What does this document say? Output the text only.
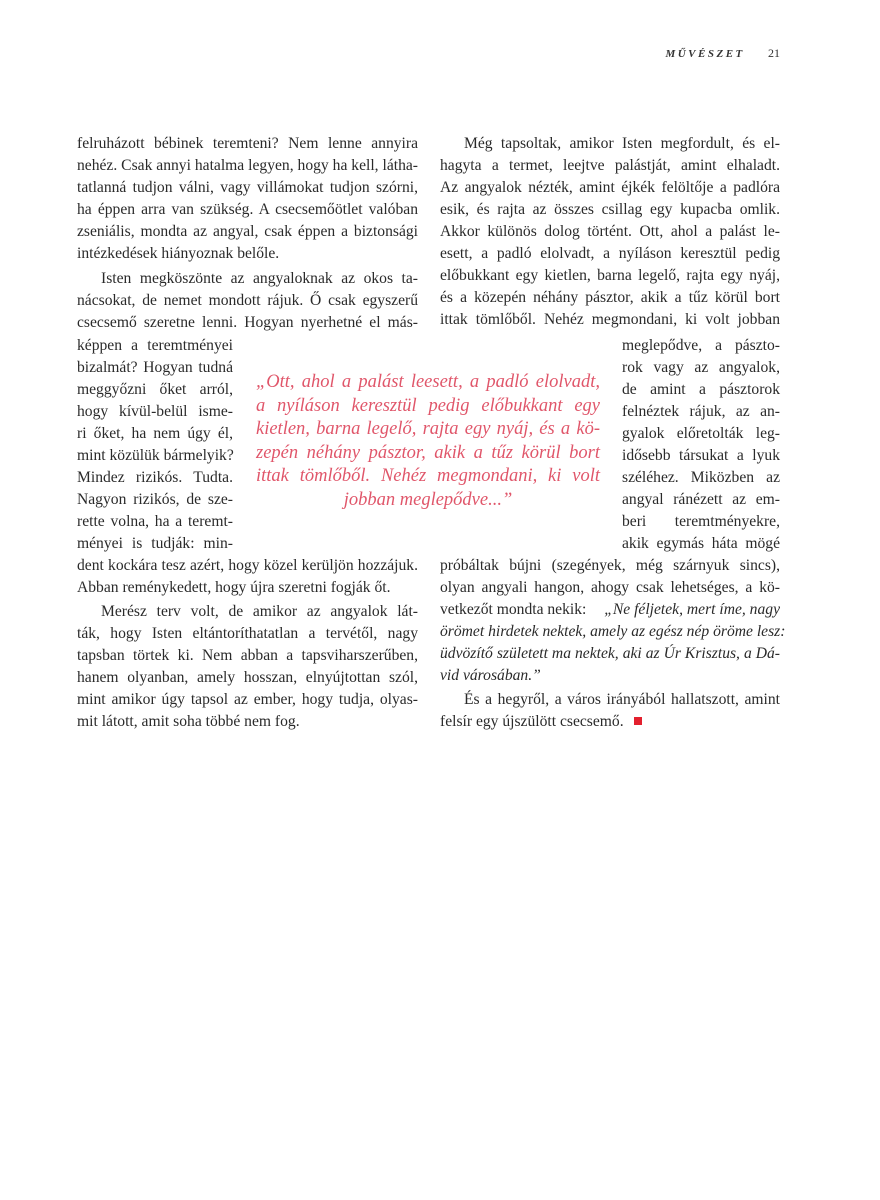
MŰVÉSZET 21
felruházott bébinek teremteni? Nem lenne annyira
nehéz. Csak annyi hatalma legyen, hogy ha kell, látha-
tatlanná tudjon válni, vagy villámokat tudjon szórni,
ha éppen arra van szükség. A csecsemőötlet valóban
zseniális, mondta az angyal, csak éppen a biztonsági
intézkedések hiányoznak belőle.
Isten megköszönte az angyaloknak az okos ta-
nácsokat, de nemet mondott rájuk. Ő csak egyszerű
csecsemő szeretne lenni. Hogyan nyerhetné el más-
képpen a teremtményei
bizalmát? Hogyan tudná
meggyőzni őket arról,
hogy kívül-belül isme-
ri őket, ha nem úgy él,
mint közülük bármelyik?
Mindez rizikós. Tudta.
Nagyon rizikós, de sze-
rette volna, ha a teremt-
ményei is tudják: min-
dent kockára tesz azért, hogy közel kerüljön hozzájuk.
Abban reménykedett, hogy újra szeretni fogják őt.
Merész terv volt, de amikor az angyalok lát-
ták, hogy Isten eltántoríthatatlan a tervétől, nagy
tapsban törtek ki. Nem abban a tapsviharszerűben,
hanem olyanban, amely hosszan, elnyújtottan szól,
mint amikor úgy tapsol az ember, hogy tudja, olyas-
mit látott, amit soha többé nem fog.
„Ott, ahol a palást leesett, a padló elolvadt,
a nyíláson keresztül pedig előbukkant egy
kietlen, barna legelő, rajta egy nyáj, és a kö-
zepén néhány pásztor, akik a tűz körül bort
ittak tömlőből. Nehéz megmondani, ki volt
jobban meglepődve...”
Még tapsoltak, amikor Isten megfordult, és el-
hagyta a termet, leejtve palástját, amint elhaladt.
Az angyalok nézték, amint éjkék felöltője a padlóra
esik, és rajta az összes csillag egy kupacba omlik.
Akkor különös dolog történt. Ott, ahol a palást le-
esett, a padló elolvadt, a nyíláson keresztül pedig
előbukkant egy kietlen, barna legelő, rajta egy nyáj,
és a közepén néhány pásztor, akik a tűz körül bort
ittak tömlőből. Nehéz megmondani, ki volt jobban
meglepődve, a pászto-
rok vagy az angyalok,
de amint a pásztorok
felnéztek rájuk, az an-
gyalok előretolták leg-
idősebb társukat a lyuk
széléhez. Miközben az
angyal ránézett az em-
beri teremtményekre,
akik egymás háta mögé
próbáltak bújni (szegények, még szárnyuk sincs),
olyan angyali hangon, ahogy csak lehetséges, a kö-
vetkezőt mondta nekik: „Ne féljetek, mert íme, nagy
örömet hirdetek nektek, amely az egész nép öröme lesz:
üdvözítő született ma nektek, aki az Úr Krisztus, a Dá-
vid városában.”
És a hegyről, a város irányából hallatszott, amint
felsír egy újszülött csecsemő.
